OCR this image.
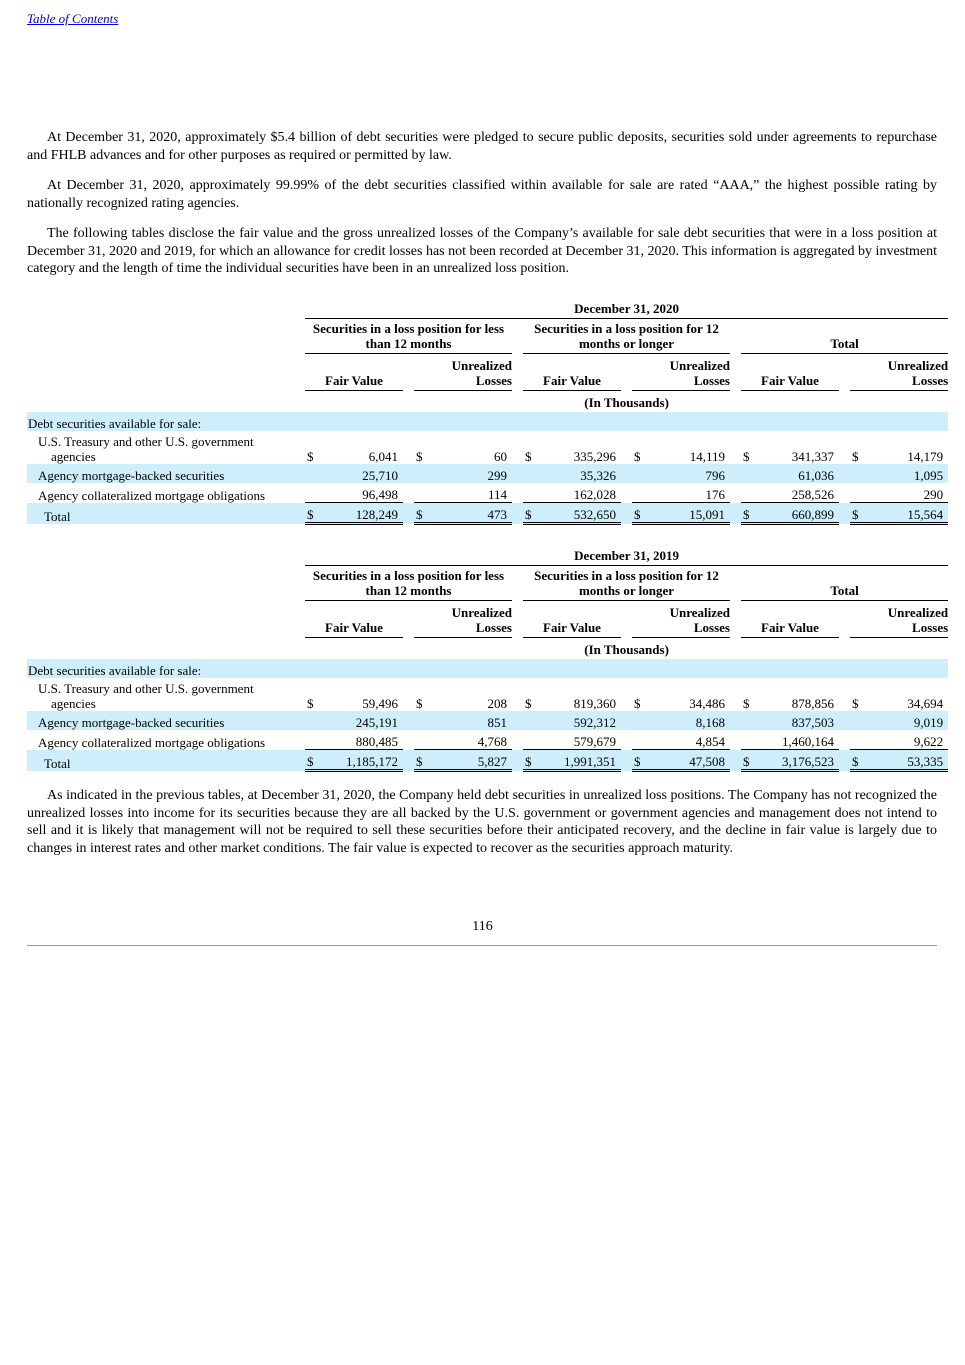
Table of Contents

At December 31, 2020, approximately $5.4 billion of debt securities were pledged to secure public deposits, securities sold under agreements to repurchase and FHLB advances and for other purposes as required or permitted by law.

At December 31, 2020, approximately 99.99% of the debt securities classified within available for sale are rated “AAA,” the highest possible rating by nationally recognized rating agencies.

The following tables disclose the fair value and the gross unrealized losses of the Company’s available for sale debt securities that were in a loss position at December 31, 2020 and 2019, for which an allowance for credit losses has not been recorded at December 31, 2020. This information is aggregated by investment category and the length of time the individual securities have been in an unrealized loss position.

	December 31, 2020																
	Securities in a loss position for less than 12 months						Securities in a loss position for 12 months or longer						Total				
	Fair Value			Unrealized Losses			Fair Value			Unrealized Losses			Fair Value			Unrealized Losses	
	(In Thousands)																
Debt securities available for sale:																	
U.S. Treasury and other U.S. government
agencies	$	6,041		$	60		$	335,296		$	14,119		$	341,337		$	14,179
Agency mortgage-backed securities		25,710			299			35,326			796			61,036			1,095
Agency collateralized mortgage obligations		96,498			114			162,028			176			258,526			290
Total	$	128,249		$	473		$	532,650		$	15,091		$	660,899		$	15,564
	December 31, 2019																
	Securities in a loss position for less than 12 months						Securities in a loss position for 12 months or longer						Total				
	Fair Value			Unrealized Losses			Fair Value			Unrealized Losses			Fair Value			Unrealized Losses	
	(In Thousands)																
Debt securities available for sale:																	
U.S. Treasury and other U.S. government
agencies	$	59,496		$	208		$	819,360		$	34,486		$	878,856		$	34,694
Agency mortgage-backed securities		245,191			851			592,312			8,168			837,503			9,019
Agency collateralized mortgage obligations		880,485			4,768			579,679			4,854			1,460,164			9,622
Total	$	1,185,172		$	5,827		$	1,991,351		$	47,508		$	3,176,523		$	53,335

As indicated in the previous tables, at December 31, 2020, the Company held debt securities in unrealized loss positions. The Company has not recognized the unrealized losses into income for its securities because they are all backed by the U.S. government or government agencies and management does not intend to sell and it is likely that management will not be required to sell these securities before their anticipated recovery, and the decline in fair value is largely due to changes in interest rates and other market conditions. The fair value is expected to recover as the securities approach maturity.

116
